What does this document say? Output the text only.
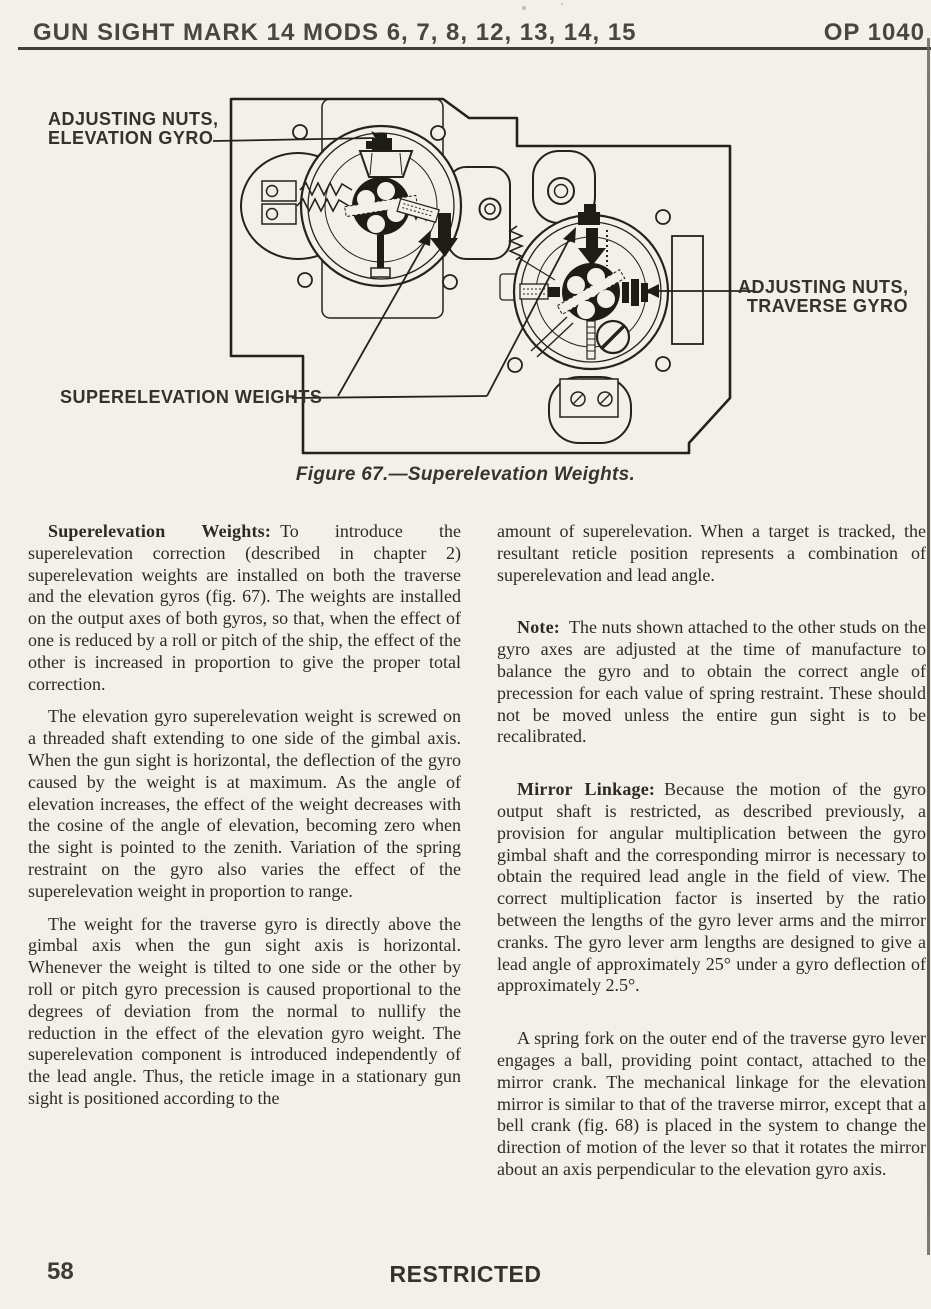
GUN SIGHT MARK 14 MODS 6, 7, 8, 12, 13, 14, 15	OP 1040
ADJUSTING NUTS,
ELEVATION GYRO
ADJUSTING NUTS,
TRAVERSE GYRO
SUPERELEVATION WEIGHTS
Figure 67.—Superelevation Weights.

Superelevation Weights: To introduce the superelevation correction (described in chapter 2) superelevation weights are installed on both the traverse and the elevation gyros (fig. 67). The weights are installed on the output axes of both gyros, so that, when the effect of one is reduced by a roll or pitch of the ship, the effect of the other is increased in proportion to give the proper total correction.

The elevation gyro superelevation weight is screwed on a threaded shaft extending to one side of the gimbal axis. When the gun sight is horizontal, the deflection of the gyro caused by the weight is at maximum. As the angle of elevation increases, the effect of the weight decreases with the cosine of the angle of elevation, becoming zero when the sight is pointed to the zenith. Variation of the spring restraint on the gyro also varies the effect of the superelevation weight in proportion to range.

The weight for the traverse gyro is directly above the gimbal axis when the gun sight axis is horizontal. Whenever the weight is tilted to one side or the other by roll or pitch gyro precession is caused proportional to the degrees of deviation from the normal to nullify the reduction in the effect of the elevation gyro weight. The superelevation component is introduced independently of the lead angle. Thus, the reticle image in a stationary gun sight is positioned according to the

amount of superelevation. When a target is tracked, the resultant reticle position represents a combination of superelevation and lead angle.

Note: The nuts shown attached to the other studs on the gyro axes are adjusted at the time of manufacture to balance the gyro and to obtain the correct angle of precession for each value of spring restraint. These should not be moved unless the entire gun sight is to be recalibrated.

Mirror Linkage: Because the motion of the gyro output shaft is restricted, as described previously, a provision for angular multiplication between the gyro gimbal shaft and the corresponding mirror is necessary to obtain the required lead angle in the field of view. The correct multiplication factor is inserted by the ratio between the lengths of the gyro lever arms and the mirror cranks. The gyro lever arm lengths are designed to give a lead angle of approximately 25° under a gyro deflection of approximately 2.5°.

A spring fork on the outer end of the traverse gyro lever engages a ball, providing point contact, attached to the mirror crank. The mechanical linkage for the elevation mirror is similar to that of the traverse mirror, except that a bell crank (fig. 68) is placed in the system to change the direction of motion of the lever so that it rotates the mirror about an axis perpendicular to the elevation gyro axis.

58	RESTRICTED
